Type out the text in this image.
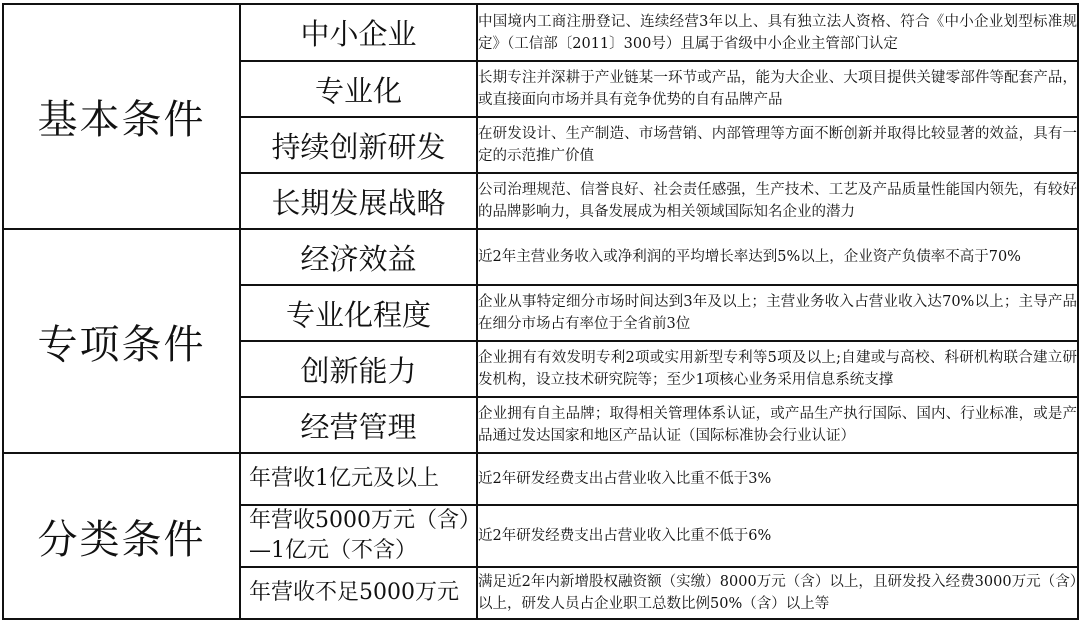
基本条件	中小企业	中国境内工商注册登记、连续经营3年以上、具有独立法人资格、符合《中小企业划型标准规定》（工信部〔2011〕300号）且属于省级中小企业主管部门认定
	专业化	长期专注并深耕于产业链某一环节或产品，能为大企业、大项目提供关键零部件等配套产品，或直接面向市场并具有竞争优势的自有品牌产品
	持续创新研发	在研发设计、生产制造、市场营销、内部管理等方面不断创新并取得比较显著的效益，具有一定的示范推广价值
	长期发展战略	公司治理规范、信誉良好、社会责任感强，生产技术、工艺及产品质量性能国内领先，有较好的品牌影响力，具备发展成为相关领域国际知名企业的潜力
专项条件	经济效益	近2年主营业务收入或净利润的平均增长率达到5%以上，企业资产负债率不高于70%
	专业化程度	企业从事特定细分市场时间达到3年及以上；主营业务收入占营业收入达70%以上；主导产品在细分市场占有率位于全省前3位
	创新能力	企业拥有有效发明专利2项或实用新型专利等5项及以上;自建或与高校、科研机构联合建立研发机构，设立技术研究院等；至少1项核心业务采用信息系统支撑
	经营管理	企业拥有自主品牌；取得相关管理体系认证，或产品生产执行国际、国内、行业标准，或是产品通过发达国家和地区产品认证（国际标准协会行业认证）
分类条件	年营收1亿元及以上	近2年研发经费支出占营业收入比重不低于3%
	年营收5000万元（含）—1亿元（不含）	近2年研发经费支出占营业收入比重不低于6%
	年营收不足5000万元	满足近2年内新增股权融资额（实缴）8000万元（含）以上，且研发投入经费3000万元（含）以上，研发人员占企业职工总数比例50%（含）以上等
